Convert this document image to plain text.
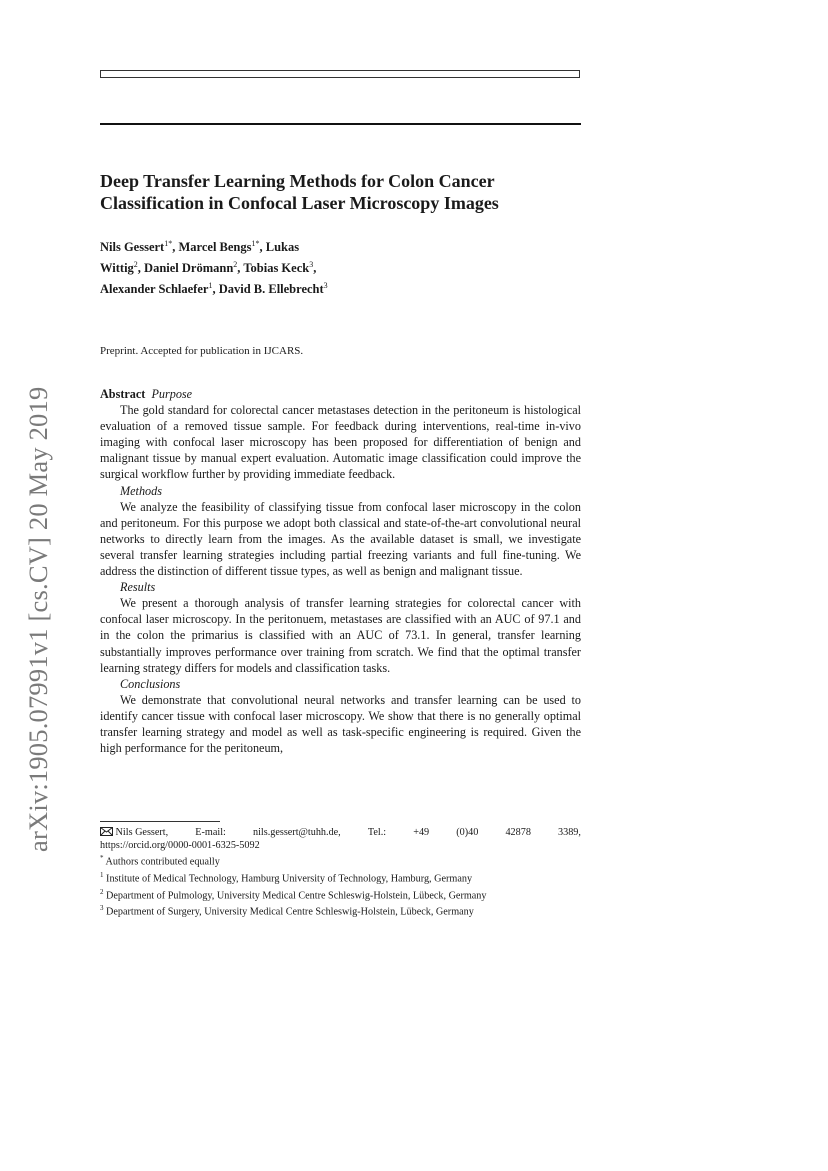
arXiv:1905.07991v1 [cs.CV] 20 May 2019
Deep Transfer Learning Methods for Colon Cancer
Classification in Confocal Laser Microscopy Images
Nils Gessert$^{1*}$, Marcel Bengs$^{1*}$, Lukas
Wittig$^2$, Daniel Drömann$^2$, Tobias Keck$^3$,
Alexander Schlaefer$^1$, David B. Ellebrecht$^3$
Preprint. Accepted for publication in IJCARS.

Abstract Purpose

The gold standard for colorectal cancer metastases detection in the peritoneum is histological evaluation of a removed tissue sample. For feedback during interventions, real-time in-vivo imaging with confocal laser microscopy has been proposed for differentiation of benign and malignant tissue by manual expert evaluation. Automatic image classification could improve the surgical workflow further by providing immediate feedback.

Methods

We analyze the feasibility of classifying tissue from confocal laser microscopy in the colon and peritoneum. For this purpose we adopt both classical and state-of-the-art convolutional neural networks to directly learn from the images. As the available dataset is small, we investigate several transfer learning strategies including partial freezing variants and full fine-tuning. We address the distinction of different tissue types, as well as benign and malignant tissue.

Results

We present a thorough analysis of transfer learning strategies for colorectal cancer with confocal laser microscopy. In the peritonuem, metastases are classified with an AUC of 97.1 and in the colon the primarius is classified with an AUC of 73.1. In general, transfer learning substantially improves performance over training from scratch. We find that the optimal transfer learning strategy differs for models and classification tasks.

Conclusions

We demonstrate that convolutional neural networks and transfer learning can be used to identify cancer tissue with confocal laser microscopy. We show that there is no generally optimal transfer learning strategy and model as well as task-specific engineering is required. Given the high performance for the peritoneum,

Nils Gessert,	E-mail:	nils.gessert@tuhh.de,	Tel.:	+49	(0)40	42878	3389,
https://orcid.org/0000-0001-6325-5092
* Authors contributed equally
$^1$ Institute of Medical Technology, Hamburg University of Technology, Hamburg, Germany
$^2$ Department of Pulmology, University Medical Centre Schleswig-Holstein, Lübeck, Germany
$^3$ Department of Surgery, University Medical Centre Schleswig-Holstein, Lübeck, Germany
